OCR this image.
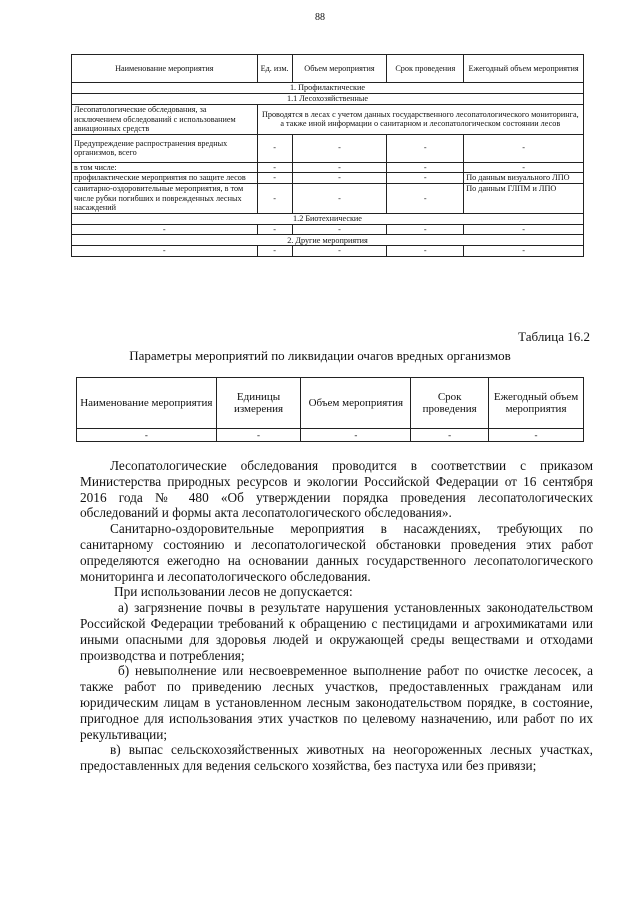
88
Наименование мероприятия	Ед. изм.	Объем мероприятия	Срок проведения	Ежегодный объем мероприятия
1. Профилактические				
1.1 Лесохозяйственные				
Лесопатологические обследования, за исключением обследований с использованием авиационных средств	Проводятся в лесах с учетом данных государственного лесопатологического мониторинга, а также иной информации о санитарном и лесопатологическом состоянии лесов			
Предупреждение распространения вредных организмов, всего	-	-	-	-
в том числе:	-	-	-	-
профилактические мероприятия по защите лесов	-	-	-	По данным визуального ЛПО
санитарно-оздоровительные мероприятия, в том числе рубки погибших и поврежденных лесных насаждений	-	-	-	По данным ГЛПМ и ЛПО
1.2 Биотехнические				
-	-	-	-	-
2. Другие мероприятия				
-	-	-	-	-
Таблица 16.2
Параметры мероприятий по ликвидации очагов вредных организмов
Наименование мероприятия	Единицы измерения	Объем мероприятия	Срок проведения	Ежегодный объем мероприятия
-	-	-	-	-

Лесопатологические обследования проводится в соответствии с приказом Министерства природных ресурсов и экологии Российской Федерации от 16 сентября 2016 года № 480 «Об утверждении порядка проведения лесопатологических обследований и формы акта лесопатологического обследования».

Санитарно-оздоровительные мероприятия в насаждениях, требующих по санитарному состоянию и лесопатологической обстановки проведения этих работ определяются ежегодно на основании данных государственного лесопатологического мониторинга и лесопатологического обследования.

При использовании лесов не допускается:

а) загрязнение почвы в результате нарушения установленных законодательством Российской Федерации требований к обращению с пестицидами и агрохимикатами или иными опасными для здоровья людей и окружающей среды веществами и отходами производства и потребления;

б) невыполнение или несвоевременное выполнение работ по очистке лесосек, а также работ по приведению лесных участков, предоставленных гражданам или юридическим лицам в установленном лесным законодательством порядке, в состояние, пригодное для использования этих участков по целевому назначению, или работ по их рекультивации;

в) выпас сельскохозяйственных животных на неогороженных лесных участках, предоставленных для ведения сельского хозяйства, без пастуха или без привязи;
